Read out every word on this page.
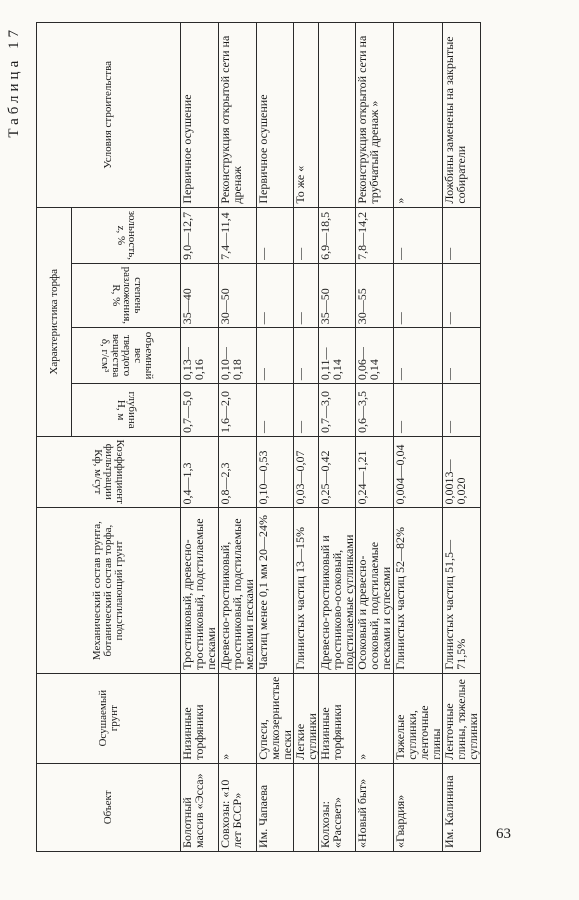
Таблица 17
Объект	Осушаемый грунт	Механический состав грунта, ботанический состав торфа, подстилающий грунт	Коэффициент фильтрации Кф, м/сут	Характеристика торфа				Условия строительства
				глубина H, м	объемный вес твердого вещества δ, г/см³	степень разложения, R, %	зольность, z, %	
Болотный массив «Эсса»	Низинные торфяники	Тростниковый, древесно-тростниковый, подстилаемые песками	0,4—1,3	0,7—5,0	0,13—0,16	35—40	9,0—12,7	Первичное осушение
Совхозы: «10 лет БССР»	»	Древесно-тростниковый, тростниковый, подстилаемые мелкими песками	0,8—2,3	1,6—2,0	0,10—0,18	30—50	7,4—11,4	Реконструкция открытой сети на дренаж
Им. Чапаева	Супеси, мелкозернистые пески	Частиц менее 0,1 мм 20—24%	0,10—0,53	—	—	—	—	Первичное осушение
	Легкие суглинки	Глинистых частиц 13—15%	0,03—0,07	—	—	—	—	То же «
Колхозы: «Рассвет»	Низинные торфяники	Древесно-тростниковый и тростниково-осоковый, подстилаемые суглинками	0,25—0,42	0,7—3,0	0,11—0,14	35—50	6,9—18,5	
«Новый быт»	»	Осоковый и древесно-осоковый, подстилаемые песками и супесями	0,24—1,21	0,6—3,5	0,06—0,14	30—55	7,8—14,2	Реконструкция открытой сети на трубчатый дренаж »
«Гвардия»	Тяжелые суглинки, ленточные глины	Глинистых частиц 52—82%	0,004—0,04	—	—	—	—	»
Им. Калинина	Ленточные глины, тяжелые суглинки	Глинистых частиц 51,5—71,5%	0,0013—0,020	—	—	—	—	Ложбины заменены на закрытые собиратели
63
